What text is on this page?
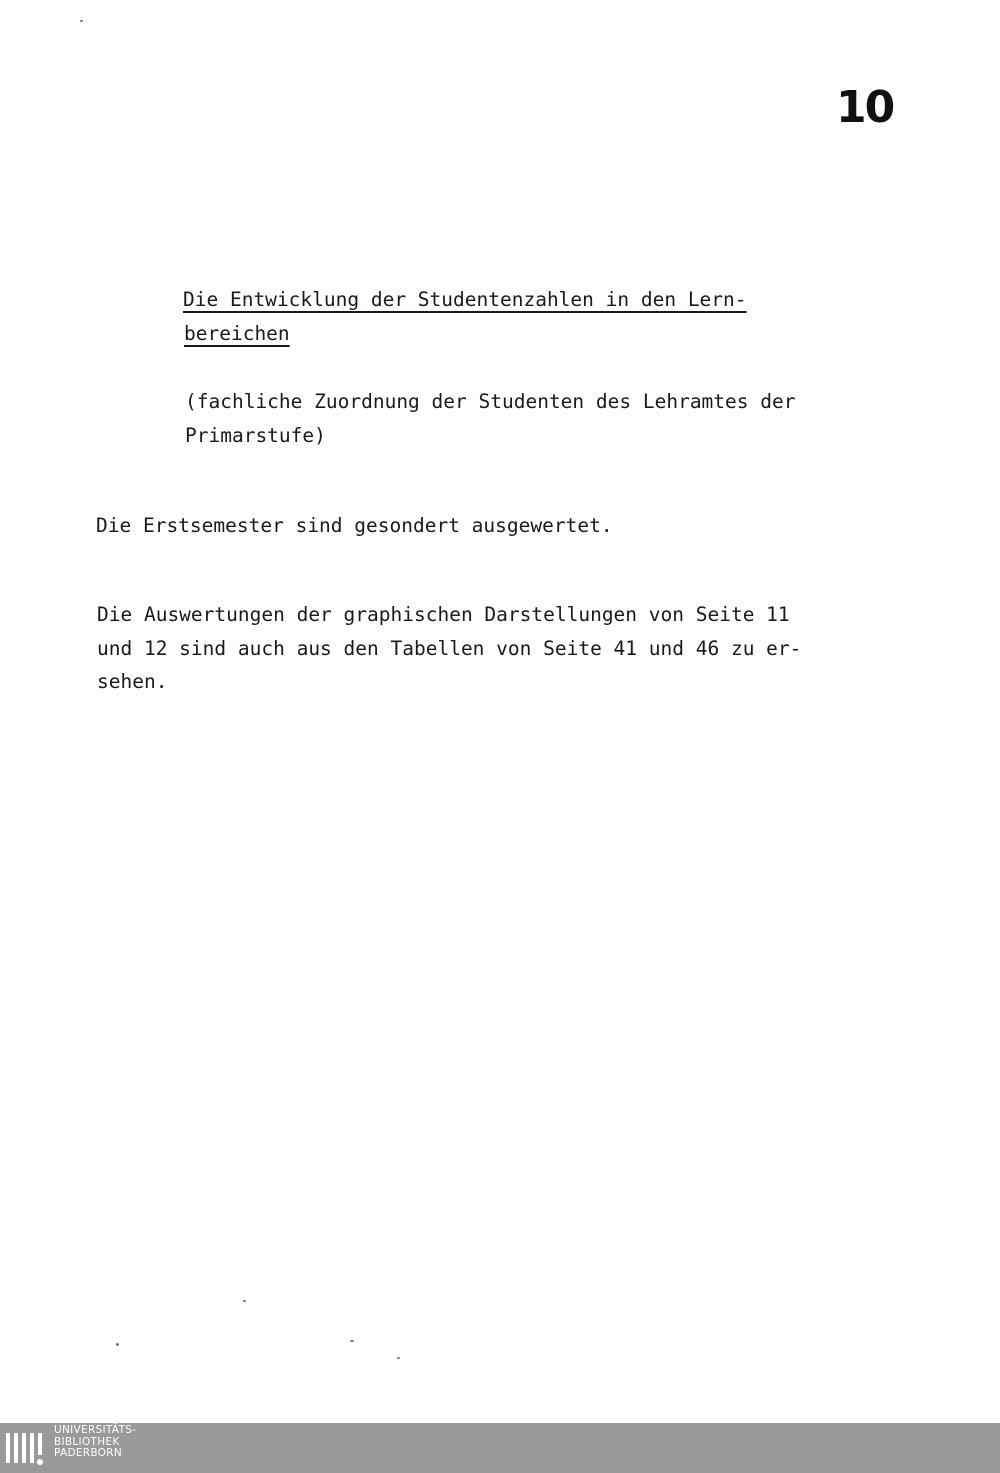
10
Die Entwicklung der Studentenzahlen in den Lern-
bereichen
(fachliche Zuordnung der Studenten des Lehramtes der
Primarstufe)
Die Erstsemester sind gesondert ausgewertet.
Die Auswertungen der graphischen Darstellungen von Seite 11
und 12 sind auch aus den Tabellen von Seite 41 und 46 zu er-
sehen.
UNIVERSITÄTS-
BIBLIOTHEK
PADERBORN
